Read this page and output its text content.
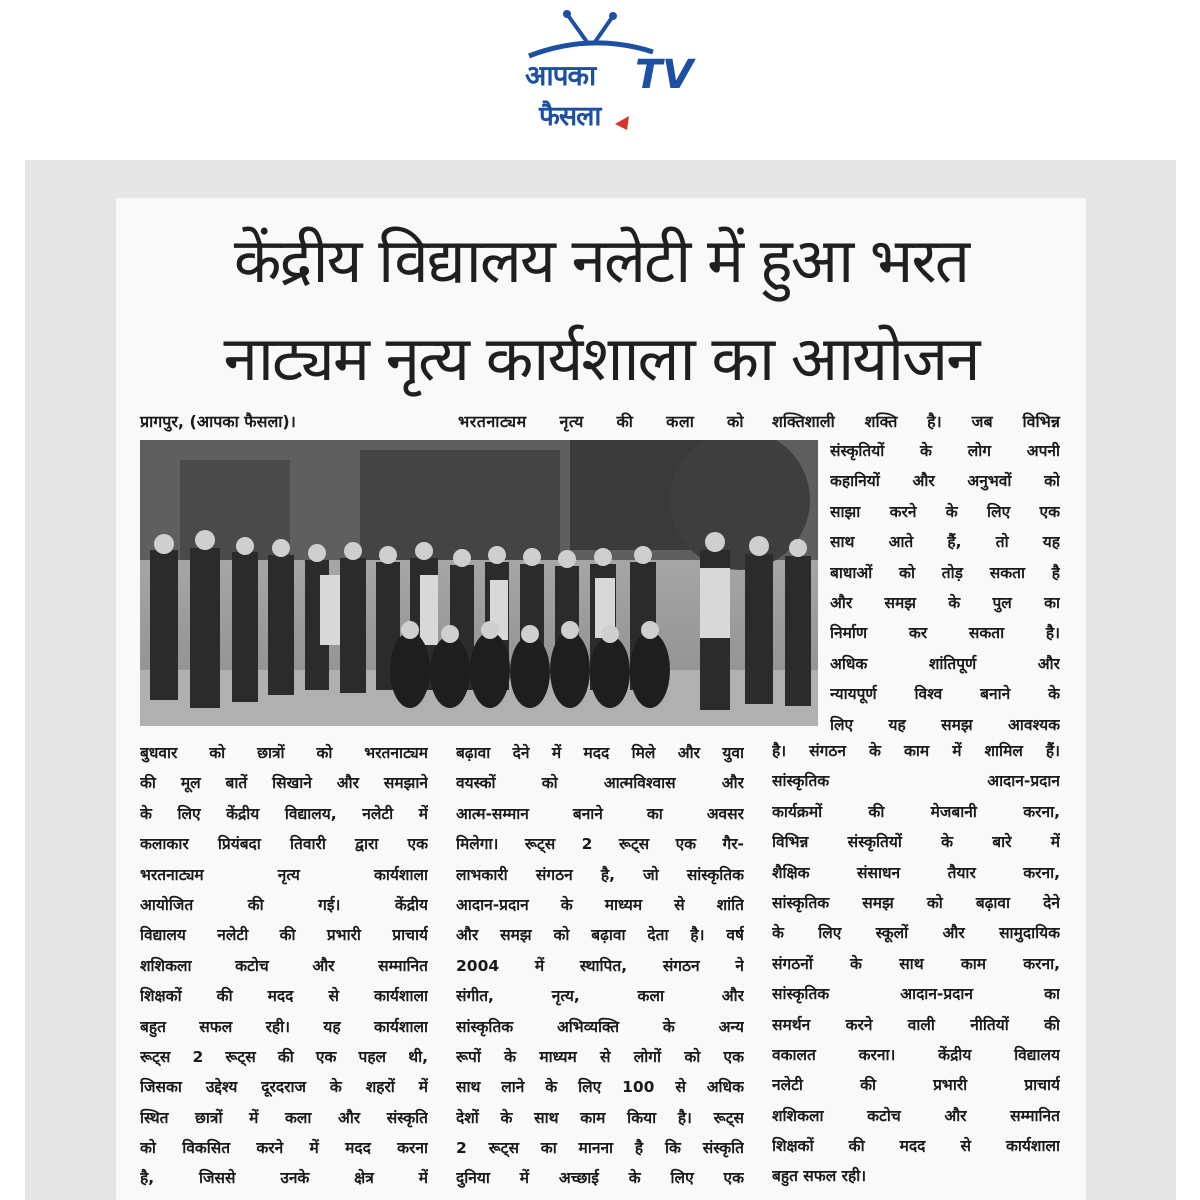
आपका TV
फैसला
केंद्रीय विद्यालय नलेटी में हुआ भरत
नाट्यम नृत्य कार्यशाला का आयोजन
प्रागपुर, (आपका फैसला)।	भरतनाट्यम नृत्य की कला को शक्तिशाली शक्ति है। जब विभिन्न
संस्कृतियों के लोग अपनी
कहानियों और अनुभवों को
साझा करने के लिए एक
साथ आते हैं, तो यह
बाधाओं को तोड़ सकता है
और समझ के पुल का
निर्माण कर सकता है।
अधिक शांतिपूर्ण और
न्यायपूर्ण विश्व बनाने के
लिए यह समझ आवश्यक
बुधवार को छात्रों को भरतनाट्यम
की मूल बातें सिखाने और समझाने
के लिए केंद्रीय विद्यालय, नलेटी में
कलाकार प्रियंबदा तिवारी द्वारा एक
भरतनाट्यम नृत्य कार्यशाला
आयोजित की गई। केंद्रीय
विद्यालय नलेटी की प्रभारी प्राचार्य
शशिकला कटोच और सम्मानित
शिक्षकों की मदद से कार्यशाला
बहुत सफल रही। यह कार्यशाला
रूट्स 2 रूट्स की एक पहल थी,
जिसका उद्देश्य दूरदराज के शहरों में
स्थित छात्रों में कला और संस्कृति
को विकसित करने में मदद करना
है, जिससे उनके क्षेत्र में
बढ़ावा देने में मदद मिले और युवा
वयस्कों को आत्मविश्वास और
आत्म-सम्मान बनाने का अवसर
मिलेगा। रूट्स 2 रूट्स एक गैर-
लाभकारी संगठन है, जो सांस्कृतिक
आदान-प्रदान के माध्यम से शांति
और समझ को बढ़ावा देता है। वर्ष
2004 में स्थापित, संगठन ने
संगीत, नृत्य, कला और
सांस्कृतिक अभिव्यक्ति के अन्य
रूपों के माध्यम से लोगों को एक
साथ लाने के लिए 100 से अधिक
देशों के साथ काम किया है। रूट्स
2 रूट्स का मानना है कि संस्कृति
दुनिया में अच्छाई के लिए एक
है। संगठन के काम में शामिल हैं।
सांस्कृतिक आदान-प्रदान
कार्यक्रमों की मेजबानी करना,
विभिन्न संस्कृतियों के बारे में
शैक्षिक संसाधन तैयार करना,
सांस्कृतिक समझ को बढ़ावा देने
के लिए स्कूलों और सामुदायिक
संगठनों के साथ काम करना,
सांस्कृतिक आदान-प्रदान का
समर्थन करने वाली नीतियों की
वकालत करना। केंद्रीय विद्यालय
नलेटी की प्रभारी प्राचार्य
शशिकला कटोच और सम्मानित
शिक्षकों की मदद से कार्यशाला
बहुत सफल रही।
